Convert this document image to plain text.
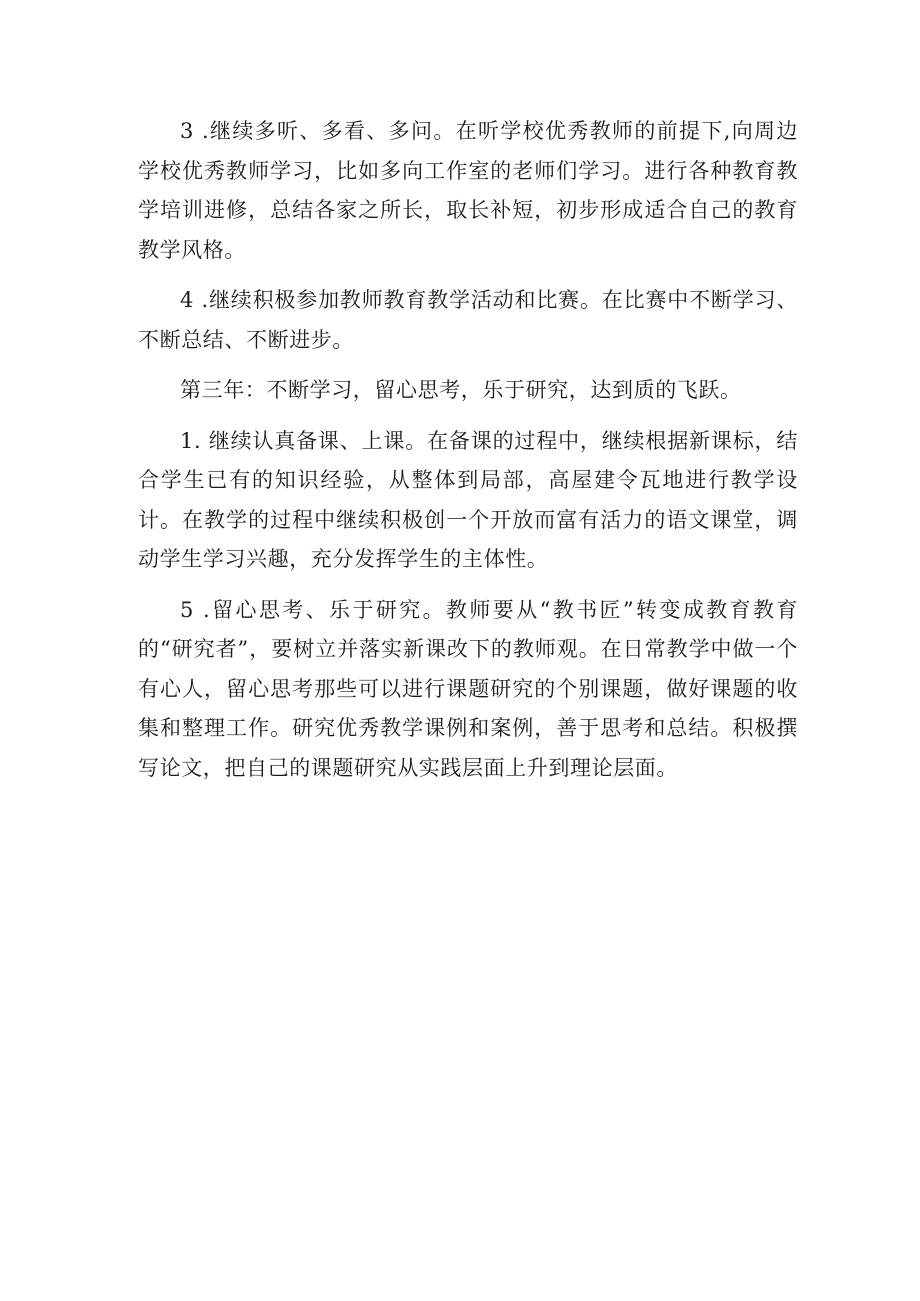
3 .继续多听、多看、多问。在听学校优秀教师的前提下,向周边学校优秀教师学习，比如多向工作室的老师们学习。进行各种教育教学培训进修，总结各家之所长，取长补短，初步形成适合自己的教育教学风格。

4 .继续积极参加教师教育教学活动和比赛。在比赛中不断学习、不断总结、不断进步。

第三年：不断学习，留心思考，乐于研究，达到质的飞跃。

1. 继续认真备课、上课。在备课的过程中，继续根据新课标，结合学生已有的知识经验，从整体到局部，高屋建令瓦地进行教学设计。在教学的过程中继续积极创一个开放而富有活力的语文课堂，调动学生学习兴趣，充分发挥学生的主体性。

5 .留心思考、乐于研究。教师要从“教书匠”转变成教育教育的“研究者”，要树立并落实新课改下的教师观。在日常教学中做一个有心人，留心思考那些可以进行课题研究的个别课题，做好课题的收集和整理工作。研究优秀教学课例和案例，善于思考和总结。积极撰写论文，把自己的课题研究从实践层面上升到理论层面。
